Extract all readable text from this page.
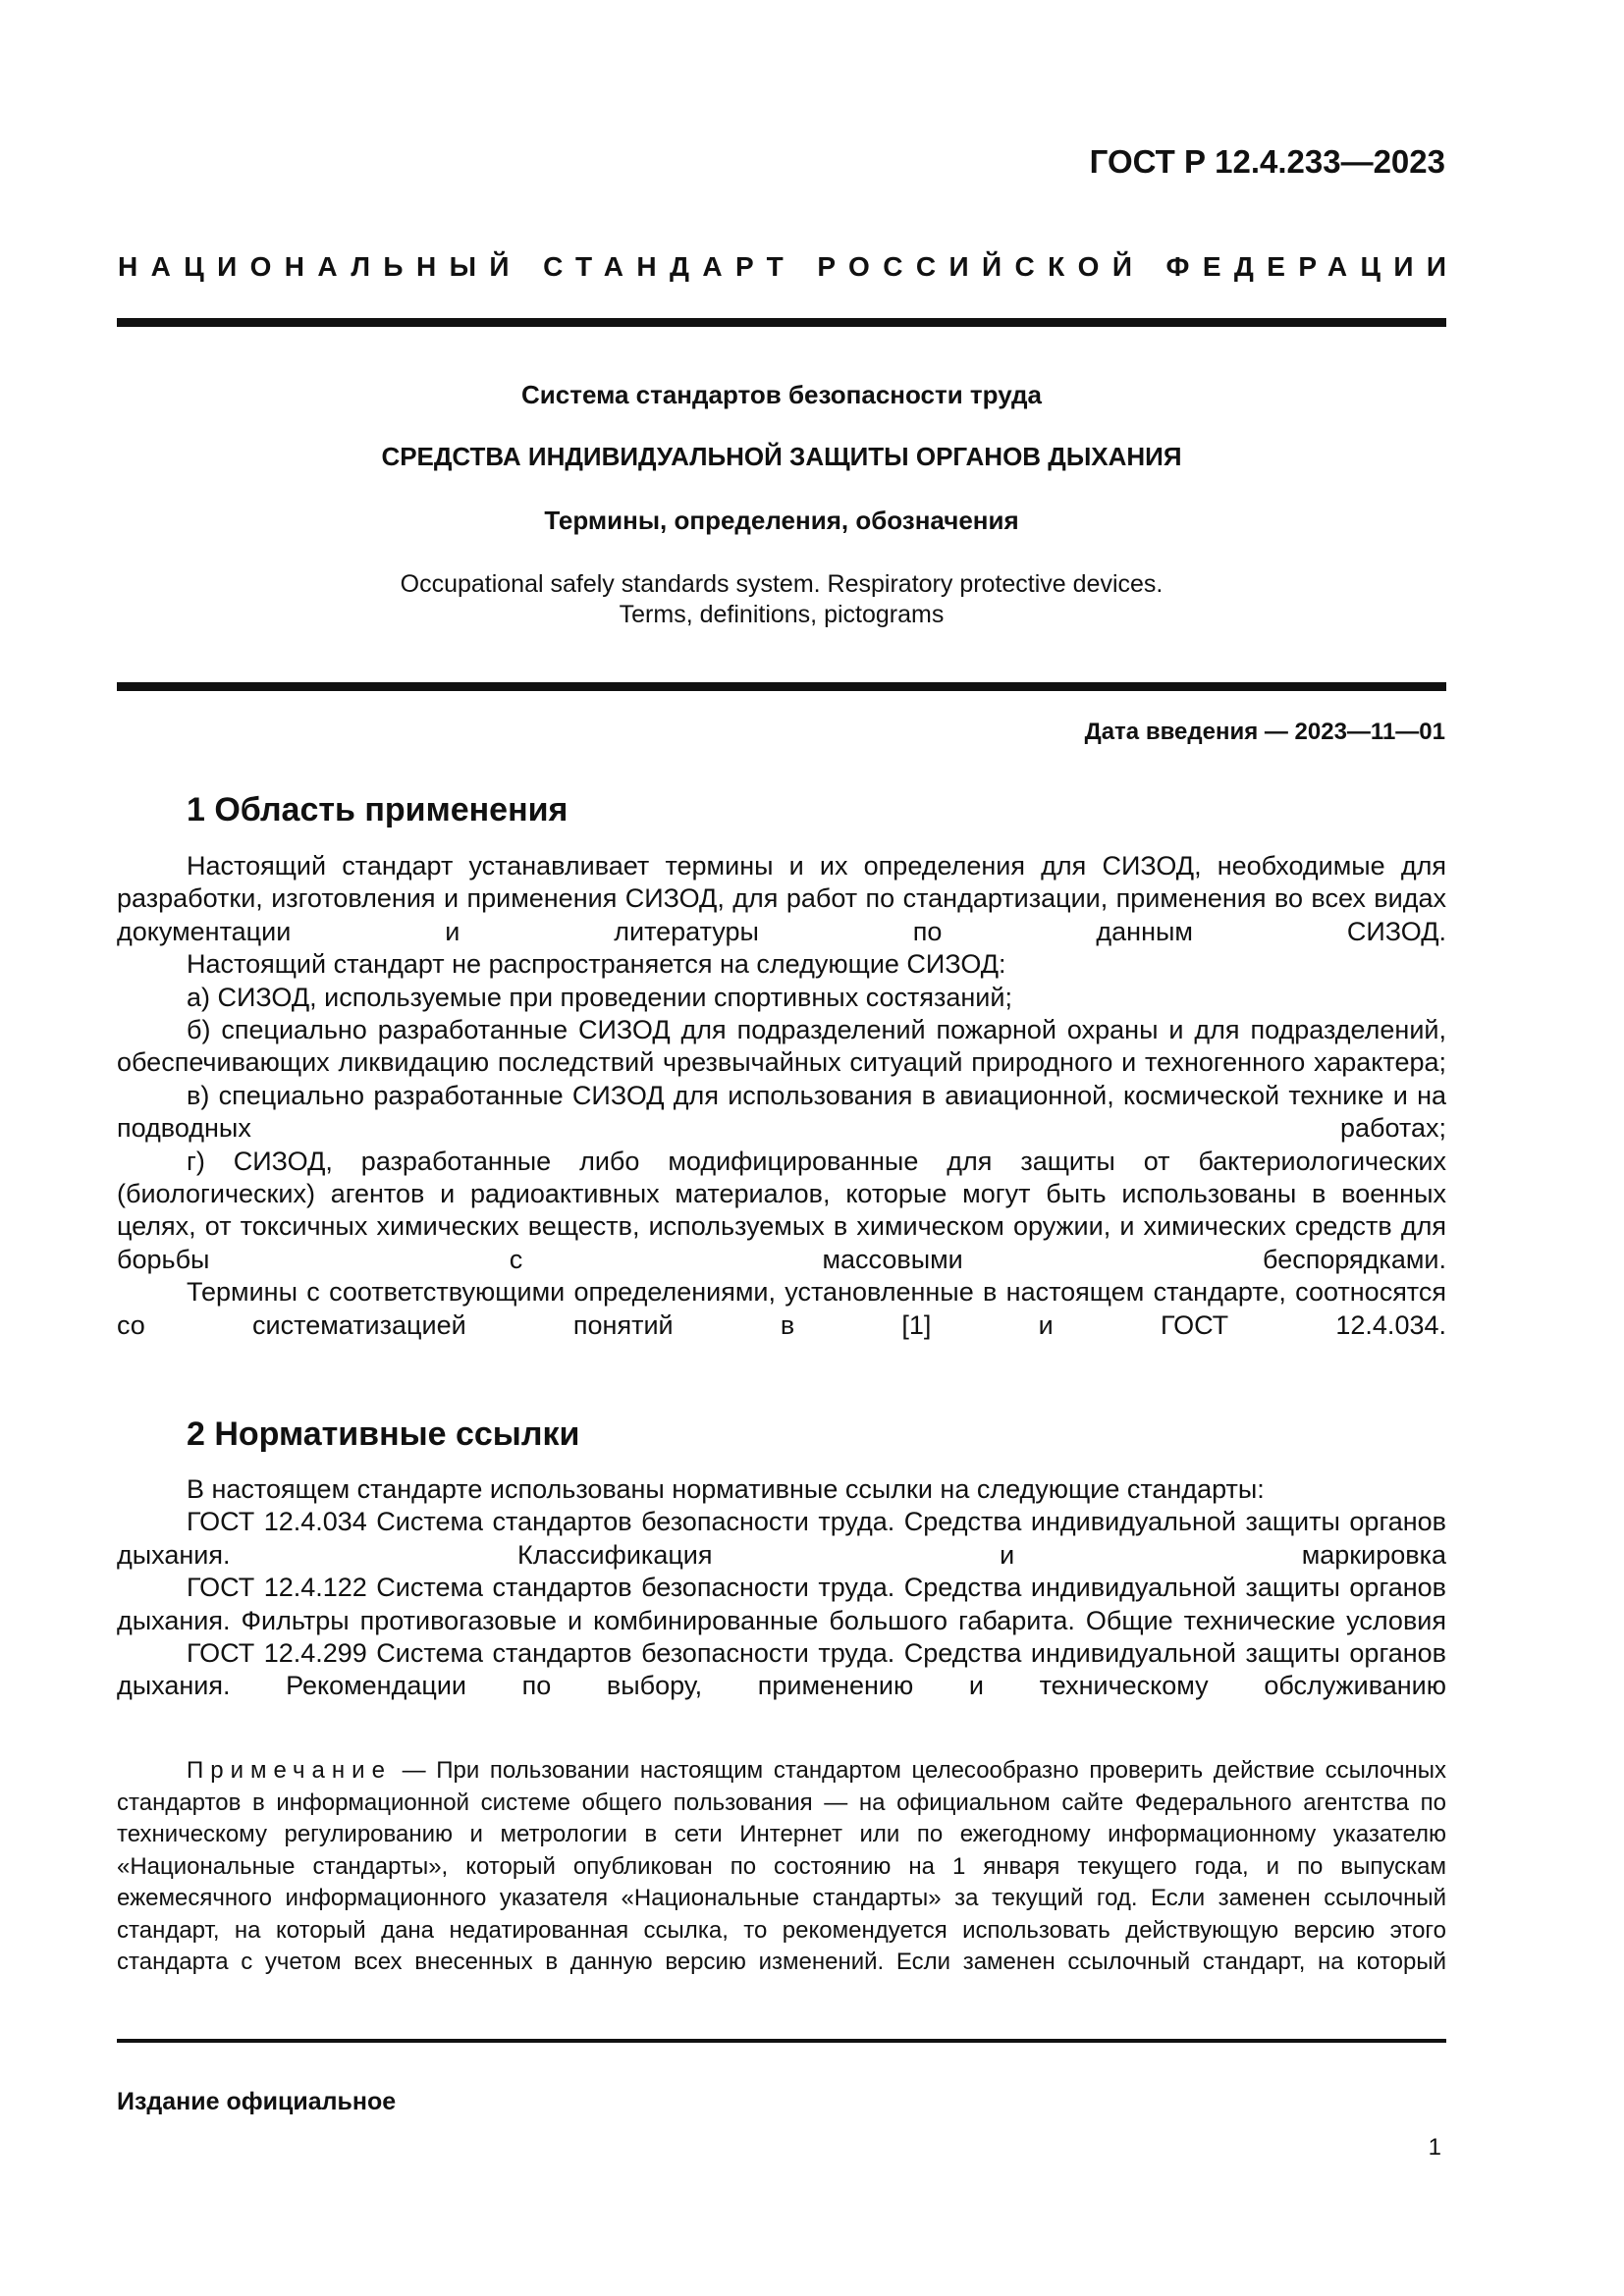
ГОСТ Р 12.4.233—2023

НАЦИОНАЛЬНЫЙ СТАНДАРТ РОССИЙСКОЙ ФЕДЕРАЦИИ

Система стандартов безопасности труда

СРЕДСТВА ИНДИВИДУАЛЬНОЙ ЗАЩИТЫ ОРГАНОВ ДЫХАНИЯ

Термины, определения, обозначения

Occupational safely standards system. Respiratory protective devices.
Terms, definitions, pictograms

Дата введения — 2023—11—01

1 Область применения

Настоящий стандарт устанавливает термины и их определения для СИЗОД, необходимые для разработки, изготовления и применения СИЗОД, для работ по стандартизации, применения во всех видах документации и литературы по данным СИЗОД.

Настоящий стандарт не распространяется на следующие СИЗОД:

а) СИЗОД, используемые при проведении спортивных состязаний;

б) специально разработанные СИЗОД для подразделений пожарной охраны и для подразделений, обеспечивающих ликвидацию последствий чрезвычайных ситуаций природного и техногенного характера;

в) специально разработанные СИЗОД для использования в авиационной, космической технике и на подводных работах;

г) СИЗОД, разработанные либо модифицированные для защиты от бактериологических (биологических) агентов и радиоактивных материалов, которые могут быть использованы в военных целях, от токсичных химических веществ, используемых в химическом оружии, и химических средств для борьбы с массовыми беспорядками.

Термины с соответствующими определениями, установленные в настоящем стандарте, соотносятся со систематизацией понятий в [1] и ГОСТ 12.4.034.

2 Нормативные ссылки

В настоящем стандарте использованы нормативные ссылки на следующие стандарты:

ГОСТ 12.4.034 Система стандартов безопасности труда. Средства индивидуальной защиты органов дыхания. Классификация и маркировка

ГОСТ 12.4.122 Система стандартов безопасности труда. Средства индивидуальной защиты органов дыхания. Фильтры противогазовые и комбинированные большого габарита. Общие технические условия

ГОСТ 12.4.299 Система стандартов безопасности труда. Средства индивидуальной защиты органов дыхания. Рекомендации по выбору, применению и техническому обслуживанию

Примечание — При пользовании настоящим стандартом целесообразно проверить действие ссылочных стандартов в информационной системе общего пользования — на официальном сайте Федерального агентства по техническому регулированию и метрологии в сети Интернет или по ежегодному информационному указателю «Национальные стандарты», который опубликован по состоянию на 1 января текущего года, и по выпускам ежемесячного информационного указателя «Национальные стандарты» за текущий год. Если заменен ссылочный стандарт, на который дана недатированная ссылка, то рекомендуется использовать действующую версию этого стандарта с учетом всех внесенных в данную версию изменений. Если заменен ссылочный стандарт, на который

Издание официальное

1
